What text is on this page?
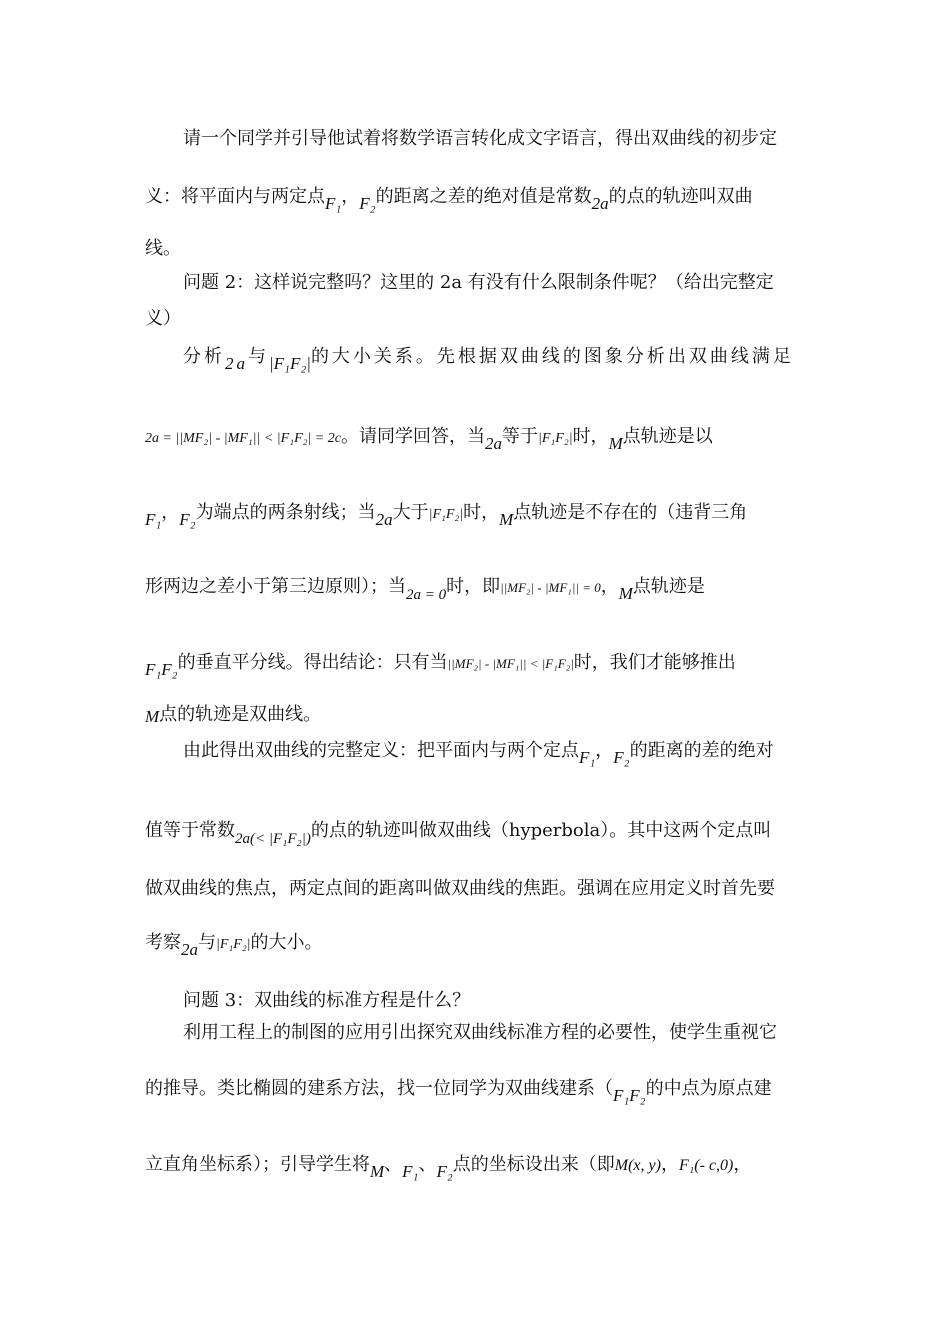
请一个同学并引导他试着将数学语言转化成文字语言，得出双曲线的初步定
义：将平面内与两定点F₁，F₂的距离之差的绝对值是常数2a的点的轨迹叫双曲
线。
问题 2：这样说完整吗？这里的 2a 有没有什么限制条件呢？（给出完整定
义）
分析2a与|F₁F₂|的大小关系。先根据双曲线的图象分析出双曲线满足
2a = ||MF₂| - |MF₁|| < |F₁F₂| = 2c。请同学回答，当2a等于|F₁F₂|时，M点轨迹是以
F₁，F₂为端点的两条射线；当2a大于|F₁F₂|时，M点轨迹是不存在的（违背三角
形两边之差小于第三边原则）；当2a = 0时，即||MF₂| - |MF₁|| = 0，M点轨迹是
F₁F₂的垂直平分线。得出结论：只有当||MF₂| - |MF₁|| < |F₁F₂|时，我们才能够推出
M点的轨迹是双曲线。
由此得出双曲线的完整定义：把平面内与两个定点F₁，F₂的距离的差的绝对
值等于常数2a(< |F₁F₂|)的点的轨迹叫做双曲线（hyperbola）。其中这两个定点叫
做双曲线的焦点，两定点间的距离叫做双曲线的焦距。强调在应用定义时首先要
考察2a与|F₁F₂|的大小。
问题 3：双曲线的标准方程是什么？
利用工程上的制图的应用引出探究双曲线标准方程的必要性，使学生重视它
的推导。类比椭圆的建系方法，找一位同学为双曲线建系（F₁F₂的中点为原点建
立直角坐标系）；引导学生将M、F₁、F₂点的坐标设出来（即M(x, y)，F₁(- c,0)，
